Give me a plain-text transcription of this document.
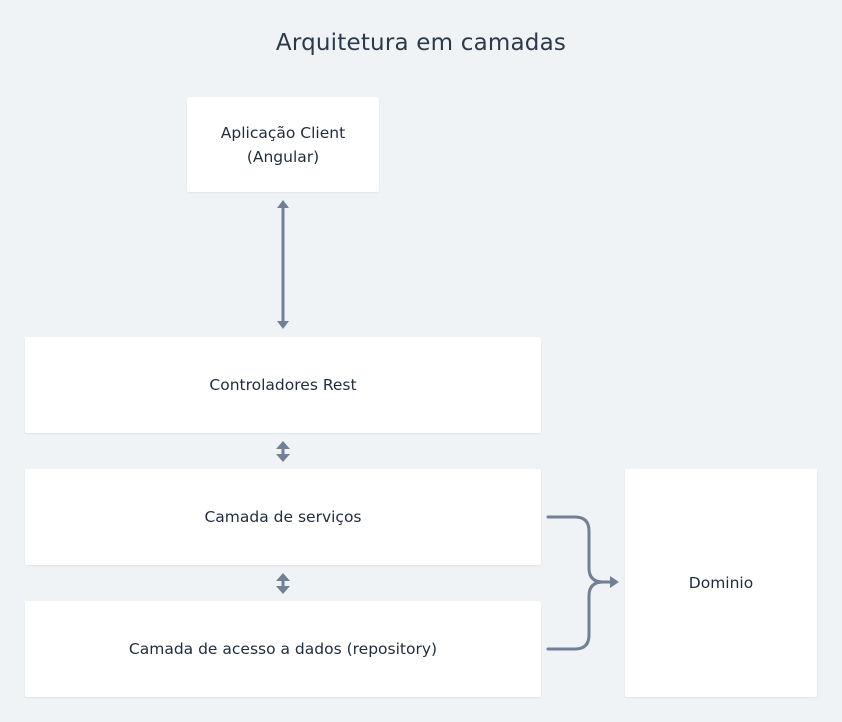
Arquitetura em camadas
Aplicação Client
(Angular)
Controladores Rest
Camada de serviços
Camada de acesso a dados (repository)
Dominio
